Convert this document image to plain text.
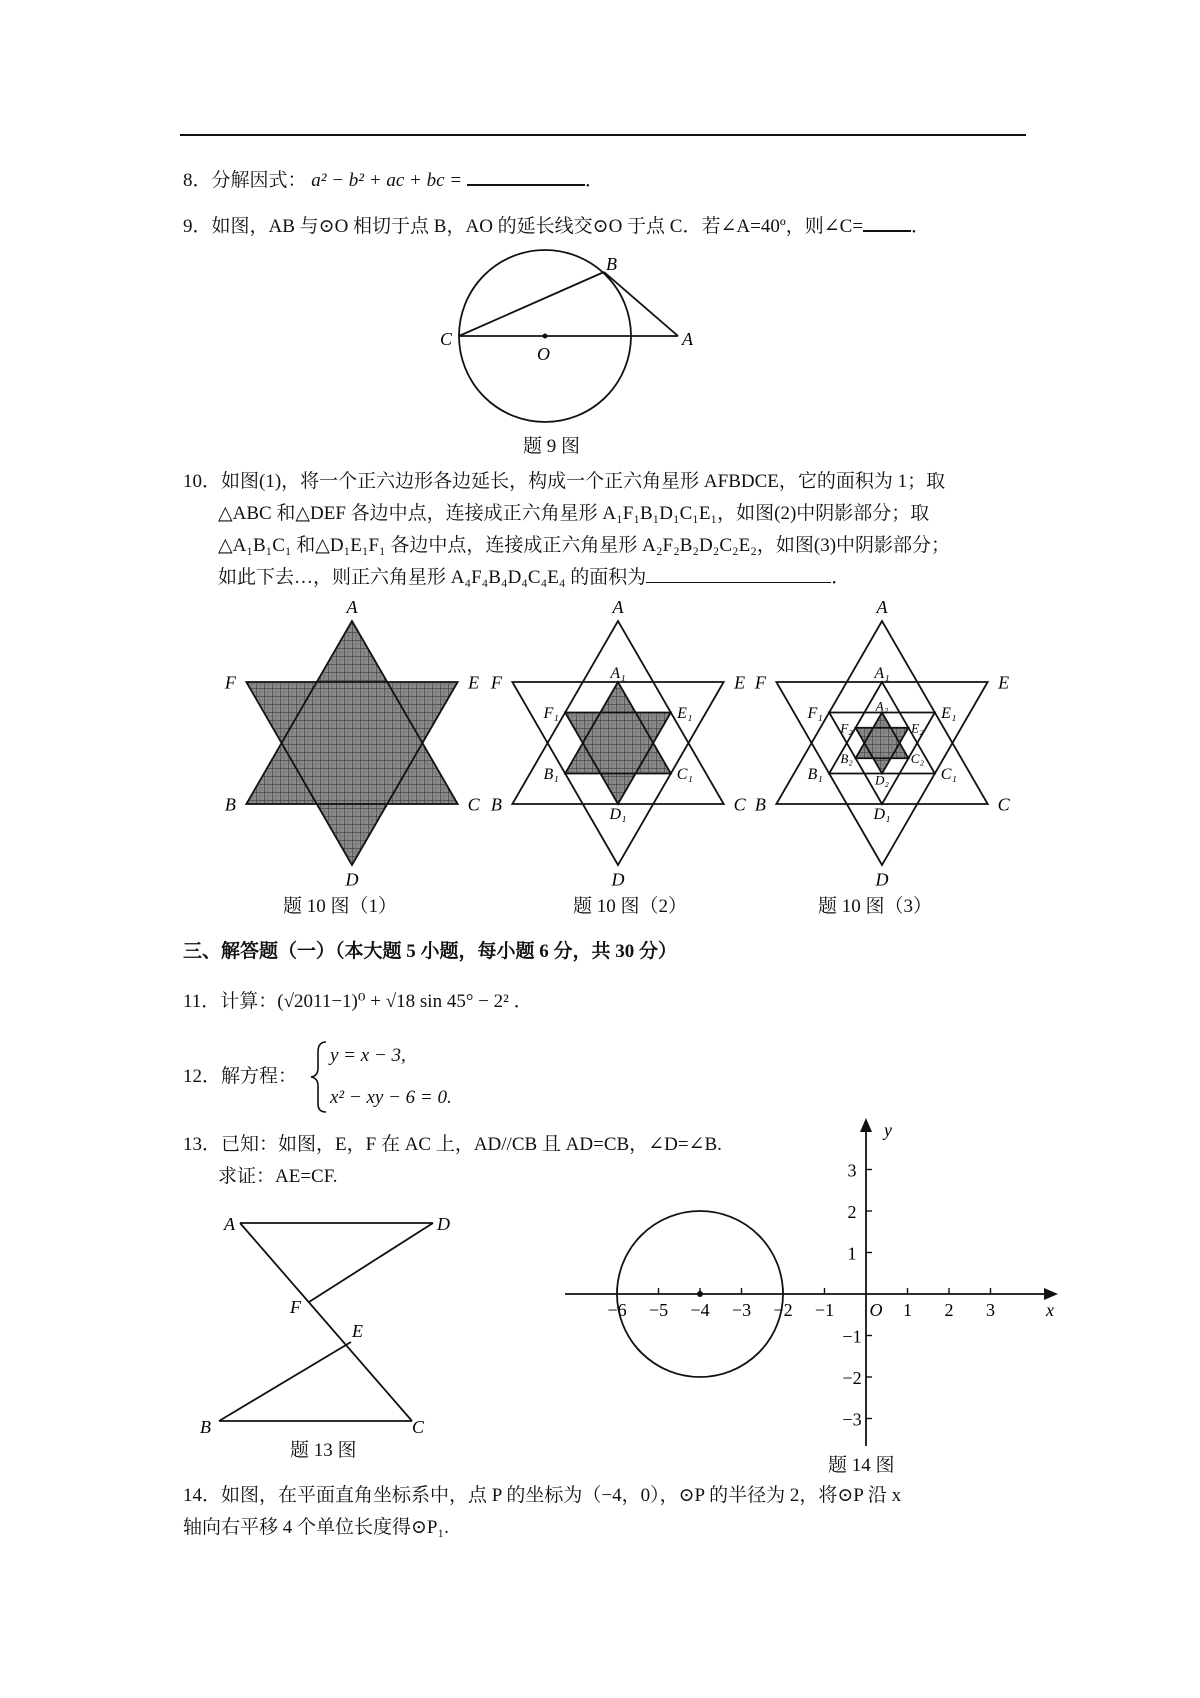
8．分解因式： a² − b² + ac + bc =	．
9．如图，AB 与⊙O 相切于点 B，AO 的延长线交⊙O 于点 C．若∠A=40º，则∠C=	．
B
C
O
A
题 9 图
10．如图(1)，将一个正六边形各边延长，构成一个正六角星形 AFBDCE，它的面积为 1；取
△ABC 和△DEF 各边中点，连接成正六角星形 A₁F₁B₁D₁C₁E₁，如图(2)中阴影部分；取
△A₁B₁C₁ 和△D₁E₁F₁ 各边中点，连接成正六角星形 A₂F₂B₂D₂C₂E₂，如图(3)中阴影部分；
如此下去…，则正六角星形 A₄F₄B₄D₄C₄E₄ 的面积为	．
A
F	E
B	C
D
A
F	E
B	C
D
A₁
F₁	E₁
B₁	C₁
D₁
A
F	E
B	C
D
A₁
F₁	E₁
B₁	C₁
D₁
A₂
F₂	E₂
B₂	C₂
D₂
题 10 图（1）	题 10 图（2）	题 10 图（3）
三、解答题（一）（本大题 5 小题，每小题 6 分，共 30 分）
11．计算：(√2011−1)⁰ + √18 sin 45° − 2² ．
12．解方程：
y = x − 3,
x² − xy − 6 = 0.
13．已知：如图，E，F 在 AC 上，AD//CB 且 AD=CB，∠D=∠B.
求证：AE=CF.
A	D
F
E
B	C
题 13 图
−6 −5 −4 −3 −2 −1	1 2 3
3
2
1
−1
−2
−3
x
y
O
题 14 图
14．如图，在平面直角坐标系中，点 P 的坐标为（−4，0），⊙P 的半径为 2，将⊙P 沿 x
轴向右平移 4 个单位长度得⊙P₁.
